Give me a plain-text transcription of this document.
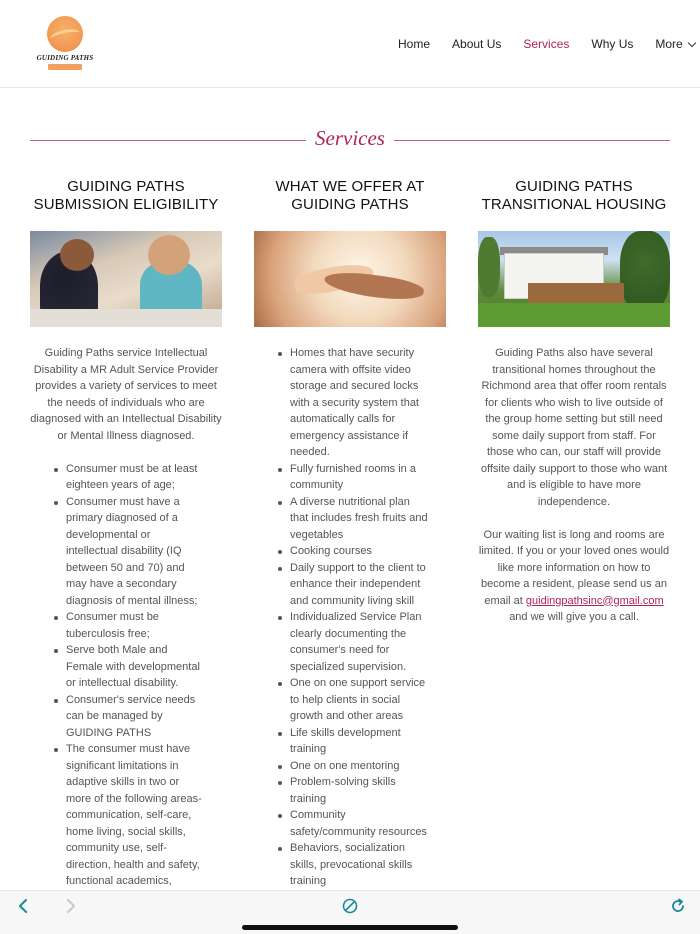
GUIDING PATHS
Home About Us Services Why Us More
Services
GUIDING PATHS
SUBMISSION ELIGIBILITY

Guiding Paths service Intellectual Disability a MR Adult Service Provider provides a variety of services to meet the needs of individuals who are diagnosed with an Intellectual Disability or Mental Illness diagnosed.

Consumer must be at least eighteen years of age;
Consumer must have a primary diagnosed of a developmental or intellectual disability (IQ between 50 and 70) and may have a secondary diagnosis of mental illness;
Consumer must be tuberculosis free;
Serve both Male and Female with developmental or intellectual disability.
Consumer's service needs can be managed by GUIDING PATHS
The consumer must have significant limitations in adaptive skills in two or more of the following areas-communication, self-care, home living, social skills, community use, self-direction, health and safety, functional academics,
WHAT WE OFFER AT
GUIDING PATHS
Homes that have security camera with offsite video storage and secured locks with a security system that automatically calls for emergency assistance if needed.
Fully furnished rooms in a community
A diverse nutritional plan that includes fresh fruits and vegetables
Cooking courses
Daily support to the client to enhance their independent and community living skill
Individualized Service Plan clearly documenting the consumer's need for specialized supervision.
One on one support service to help clients in social growth and other areas
Life skills development training
One on one mentoring
Problem-solving skills training
Community safety/community resources
Behaviors, socialization skills, prevocational skills training
GUIDING PATHS
TRANSITIONAL HOUSING

Guiding Paths also have several transitional homes throughout the Richmond area that offer room rentals for clients who wish to live outside of the group home setting but still need some daily support from staff. For those who can, our staff will provide offsite daily support to those who want and is eligible to have more independence.

Our waiting list is long and rooms are limited. If you or your loved ones would like more information on how to become a resident, please send us an email at guidingpathsinc@gmail.com and we will give you a call.
